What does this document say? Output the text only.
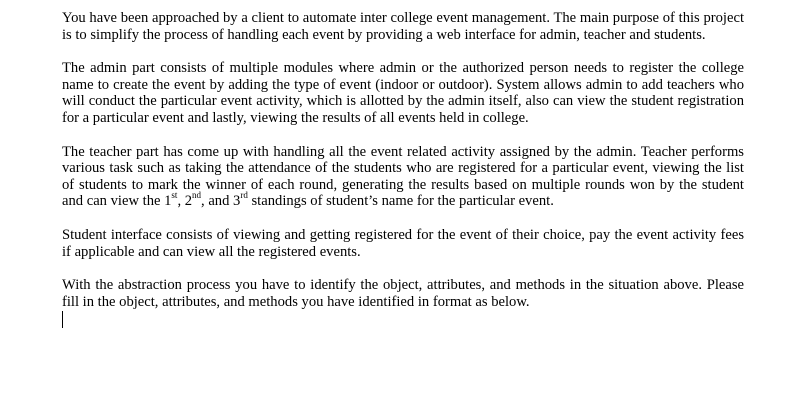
You have been approached by a client to automate inter college event management. The main purpose of this project is to simplify the process of handling each event by providing a web interface for admin, teacher and students.

The admin part consists of multiple modules where admin or the authorized person needs to register the college name to create the event by adding the type of event (indoor or outdoor). System allows admin to add teachers who will conduct the particular event activity, which is allotted by the admin itself, also can view the student registration for a particular event and lastly, viewing the results of all events held in college.

The teacher part has come up with handling all the event related activity assigned by the admin. Teacher performs various task such as taking the attendance of the students who are registered for a particular event, viewing the list of students to mark the winner of each round, generating the results based on multiple rounds won by the student and can view the 1st, 2nd, and 3rd standings of student’s name for the particular event.

Student interface consists of viewing and getting registered for the event of their choice, pay the event activity fees if applicable and can view all the registered events.

With the abstraction process you have to identify the object, attributes, and methods in the situation above. Please fill in the object, attributes, and methods you have identified in format as below.
